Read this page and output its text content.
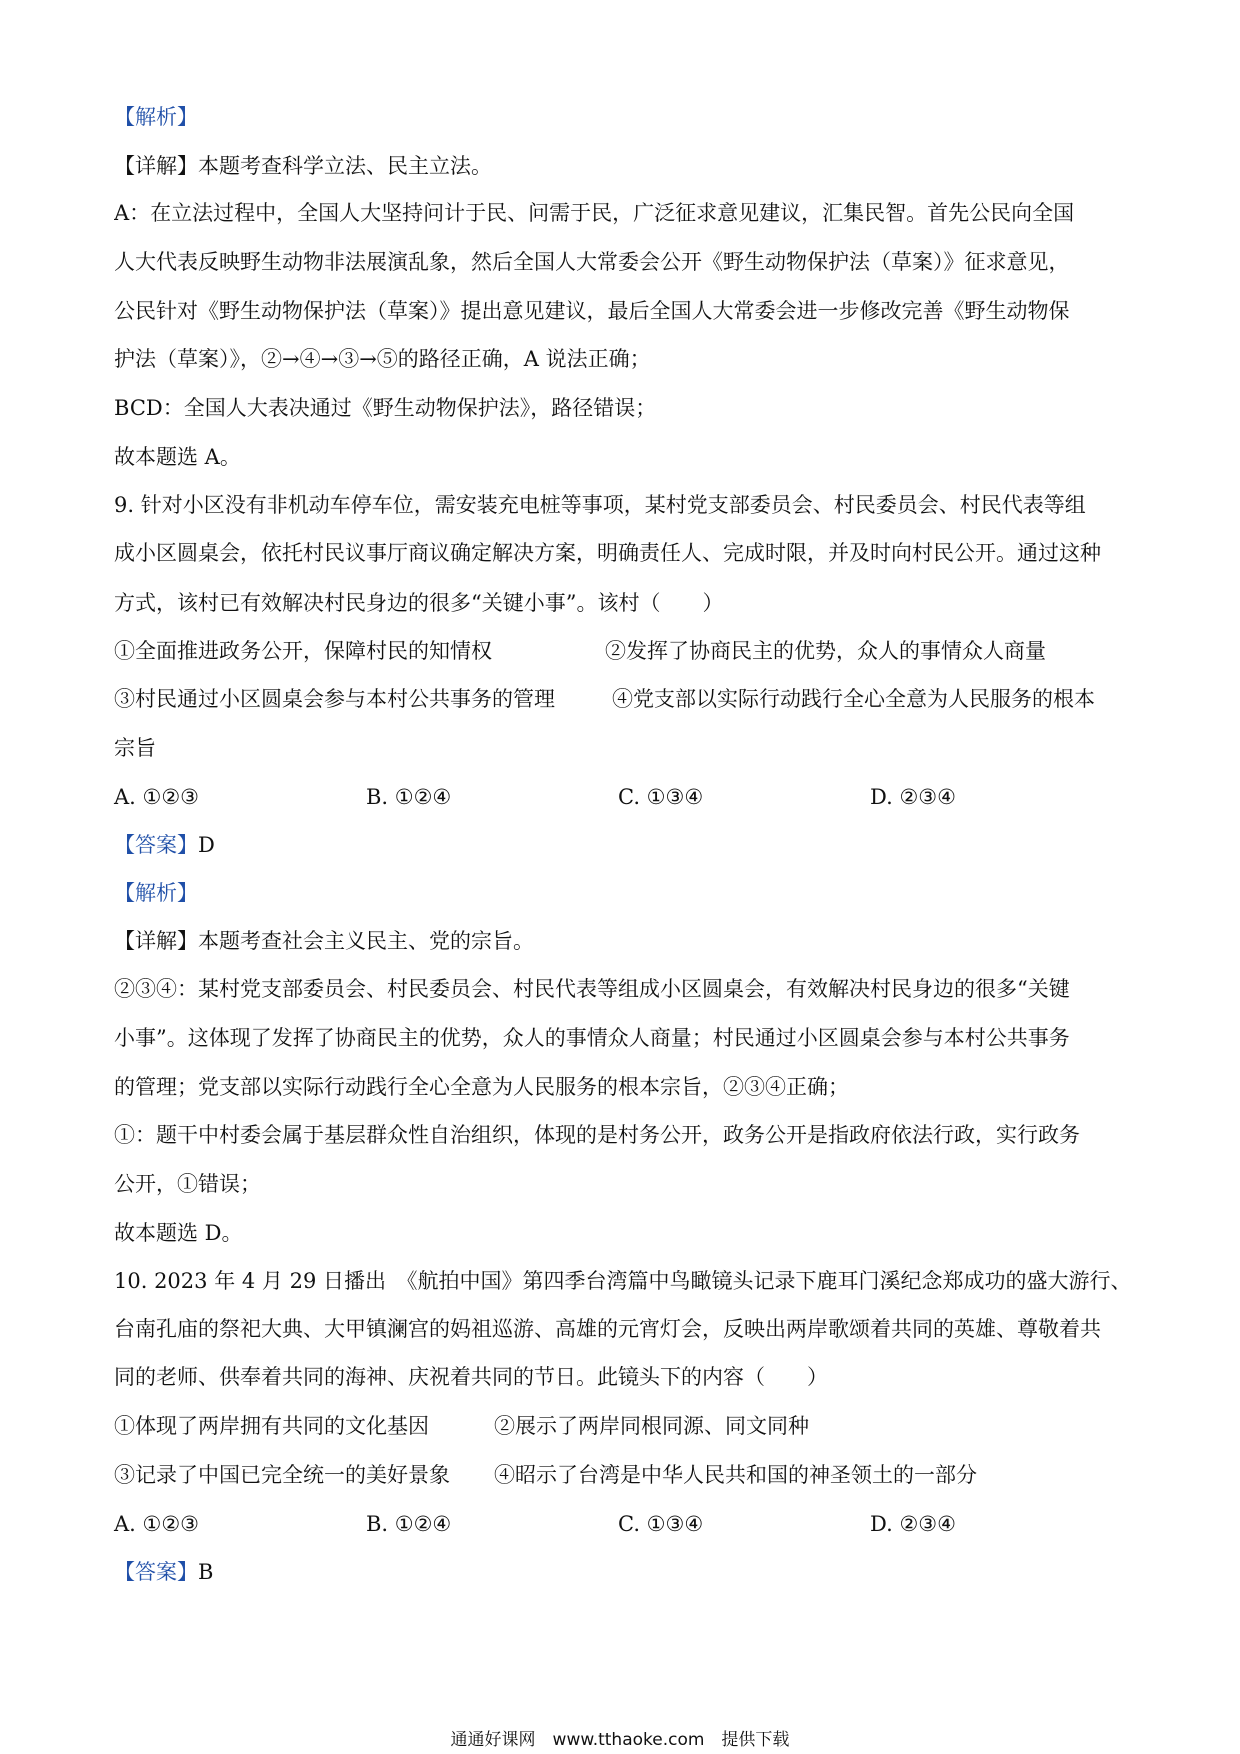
【解析】
【详解】本题考查科学立法、民主立法。
A：在立法过程中，全国人大坚持问计于民、问需于民，广泛征求意见建议，汇集民智。首先公民向全国
人大代表反映野生动物非法展演乱象，然后全国人大常委会公开《野生动物保护法（草案）》征求意见，
公民针对《野生动物保护法（草案）》提出意见建议，最后全国人大常委会进一步修改完善《野生动物保
护法（草案）》，②→④→③→⑤的路径正确，A 说法正确；
BCD：全国人大表决通过《野生动物保护法》，路径错误；
故本题选 A。
9. 针对小区没有非机动车停车位，需安装充电桩等事项，某村党支部委员会、村民委员会、村民代表等组
成小区圆桌会，依托村民议事厅商议确定解决方案，明确责任人、完成时限，并及时向村民公开。通过这种
方式，该村已有效解决村民身边的很多“关键小事”。该村（　　）
①全面推进政务公开，保障村民的知情权	②发挥了协商民主的优势，众人的事情众人商量
③村民通过小区圆桌会参与本村公共事务的管理	④党支部以实际行动践行全心全意为人民服务的根本
宗旨
A. ①②③	B. ①②④	C. ①③④	D. ②③④
【答案】D
【解析】
【详解】本题考查社会主义民主、党的宗旨。
②③④：某村党支部委员会、村民委员会、村民代表等组成小区圆桌会，有效解决村民身边的很多“关键
小事”。这体现了发挥了协商民主的优势，众人的事情众人商量；村民通过小区圆桌会参与本村公共事务
的管理；党支部以实际行动践行全心全意为人民服务的根本宗旨，②③④正确；
①：题干中村委会属于基层群众性自治组织，体现的是村务公开，政务公开是指政府依法行政，实行政务
公开，①错误；
故本题选 D。
10. 2023 年 4 月 29 日播出　《航拍中国》第四季台湾篇中鸟瞰镜头记录下鹿耳门溪纪念郑成功的盛大游行、
台南孔庙的祭祀大典、大甲镇澜宫的妈祖巡游、高雄的元宵灯会，反映出两岸歌颂着共同的英雄、尊敬着共
同的老师、供奉着共同的海神、庆祝着共同的节日。此镜头下的内容（　　）
①体现了两岸拥有共同的文化基因	②展示了两岸同根同源、同文同种
③记录了中国已完全统一的美好景象 ④昭示了台湾是中华人民共和国的神圣领土的一部分
A. ①②③	B. ①②④	C. ①③④	D. ②③④
【答案】B
通通好课网　www.tthaoke.com　提供下载
